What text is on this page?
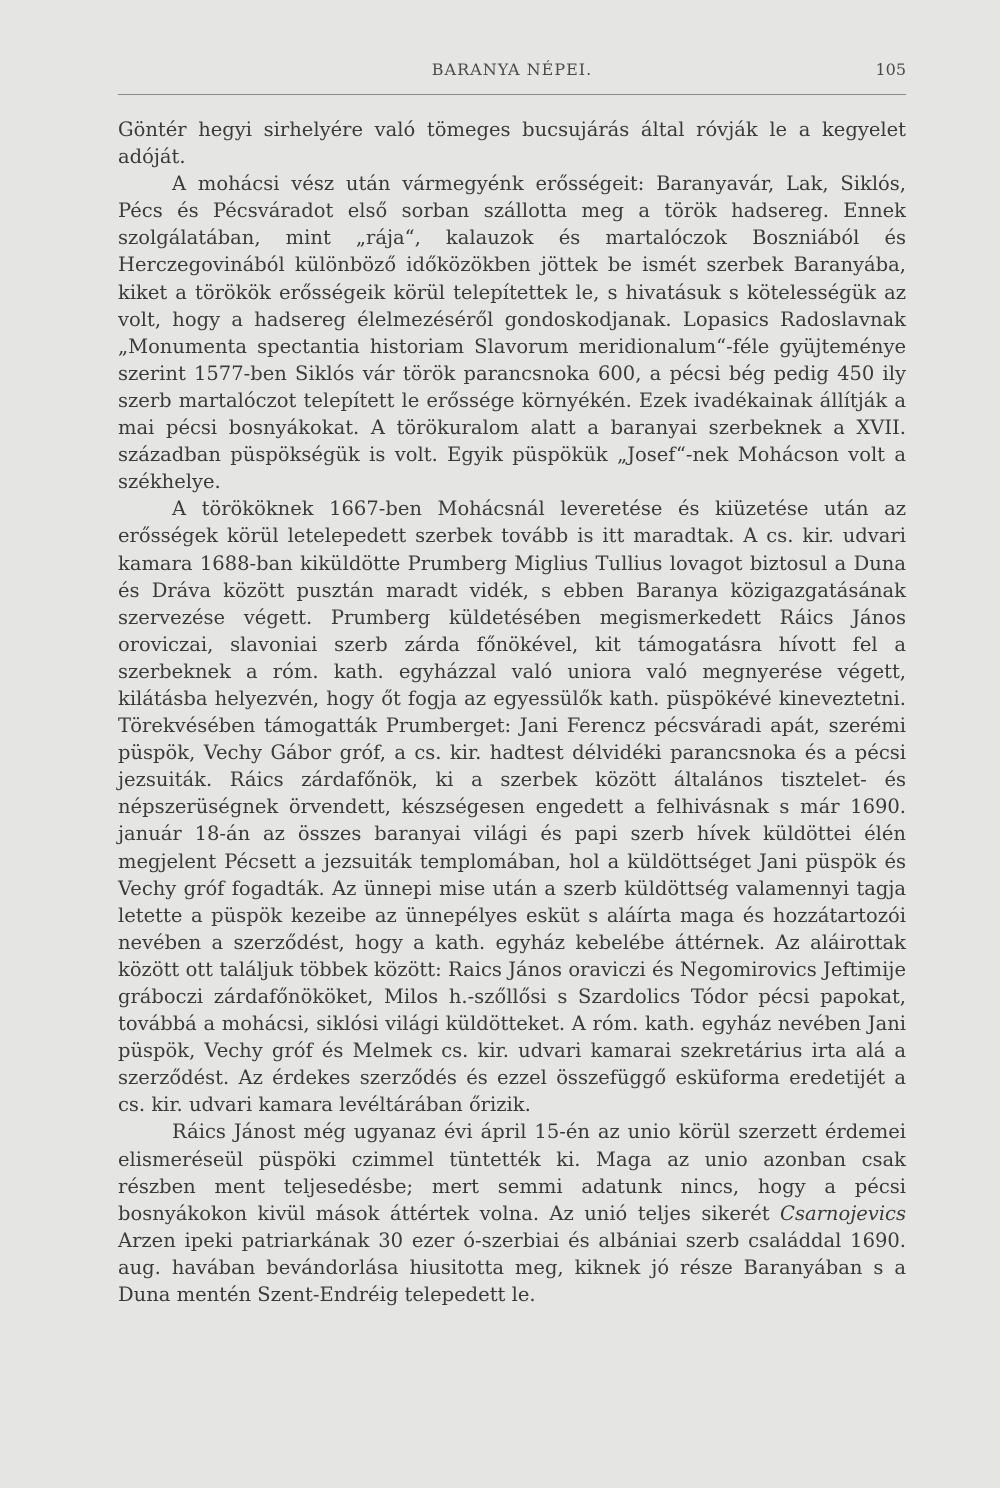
BARANYA NÉPEI.	105

Göntér hegyi sirhelyére való tömeges bucsujárás által róvják le a kegyelet adóját.

A mohácsi vész után vármegyénk erősségeit: Baranyavár, Lak, Siklós, Pécs és Pécsváradot első sorban szállotta meg a török hadsereg. Ennek szolgálatában, mint „rája“, kalauzok és martalóczok Boszniából és Herczegovinából különböző időközökben jöttek be ismét szerbek Baranyába, kiket a törökök erősségeik körül telepítettek le, s hivatásuk s kötelességük az volt, hogy a hadsereg élelmezéséről gondoskodjanak. Lopasics Radoslavnak „Monumenta spectantia historiam Slavorum meridionalum“-féle gyüjteménye szerint 1577-ben Siklós vár török parancsnoka 600, a pécsi bég pedig 450 ily szerb martalóczot telepített le erőssége környékén. Ezek ivadékainak állítják a mai pécsi bosnyákokat. A törökuralom alatt a baranyai szerbeknek a XVII. században püspökségük is volt. Egyik püspökük „Josef“-nek Mohácson volt a székhelye.

A törököknek 1667-ben Mohácsnál leveretése és kiüzetése után az erősségek körül letelepedett szerbek tovább is itt maradtak. A cs. kir. udvari kamara 1688-ban kiküldötte Prumberg Miglius Tullius lovagot biztosul a Duna és Dráva között pusztán maradt vidék, s ebben Baranya közigazgatásának szervezése végett. Prumberg küldetésében megismerkedett Ráics János oroviczai, slavoniai szerb zárda főnökével, kit támogatásra hívott fel a szerbeknek a róm. kath. egyházzal való uniora való megnyerése végett, kilátásba helyezvén, hogy őt fogja az egyessülők kath. püspökévé kineveztetni. Törekvésében támogatták Prumberget: Jani Ferencz pécsváradi apát, szerémi püspök, Vechy Gábor gróf, a cs. kir. hadtest délvidéki parancsnoka és a pécsi jezsuiták. Ráics zárdafőnök, ki a szerbek között általános tisztelet- és népszerüségnek örvendett, készségesen engedett a felhivásnak s már 1690. január 18-án az összes baranyai világi és papi szerb hívek küldöttei élén megjelent Pécsett a jezsuiták templomában, hol a küldöttséget Jani püspök és Vechy gróf fogadták. Az ünnepi mise után a szerb küldöttség valamennyi tagja letette a püspök kezeibe az ünnepélyes esküt s aláírta maga és hozzátartozói nevében a szerződést, hogy a kath. egyház kebelébe áttérnek. Az aláirottak között ott találjuk többek között: Raics János oraviczi és Negomirovics Jeftimije gráboczi zárdafőnököket, Milos h.-szőllősi s Szardolics Tódor pécsi papokat, továbbá a mohácsi, siklósi világi küldötteket. A róm. kath. egyház nevében Jani püspök, Vechy gróf és Melmek cs. kir. udvari kamarai szekretárius irta alá a szerződést. Az érdekes szerződés és ezzel összefüggő esküforma eredetijét a cs. kir. udvari kamara levéltárában őrizik.

Ráics Jánost még ugyanaz évi ápril 15-én az unio körül szerzett érdemei elismeréseül püspöki czimmel tüntették ki. Maga az unio azonban csak részben ment teljesedésbe; mert semmi adatunk nincs, hogy a pécsi bosnyákokon kivül mások áttértek volna. Az unió teljes sikerét Csarnojevics Arzen ipeki patriarkának 30 ezer ó-szerbiai és albániai szerb családdal 1690. aug. havában bevándorlása hiusitotta meg, kiknek jó része Baranyában s a Duna mentén Szent-Endréig telepedett le.
